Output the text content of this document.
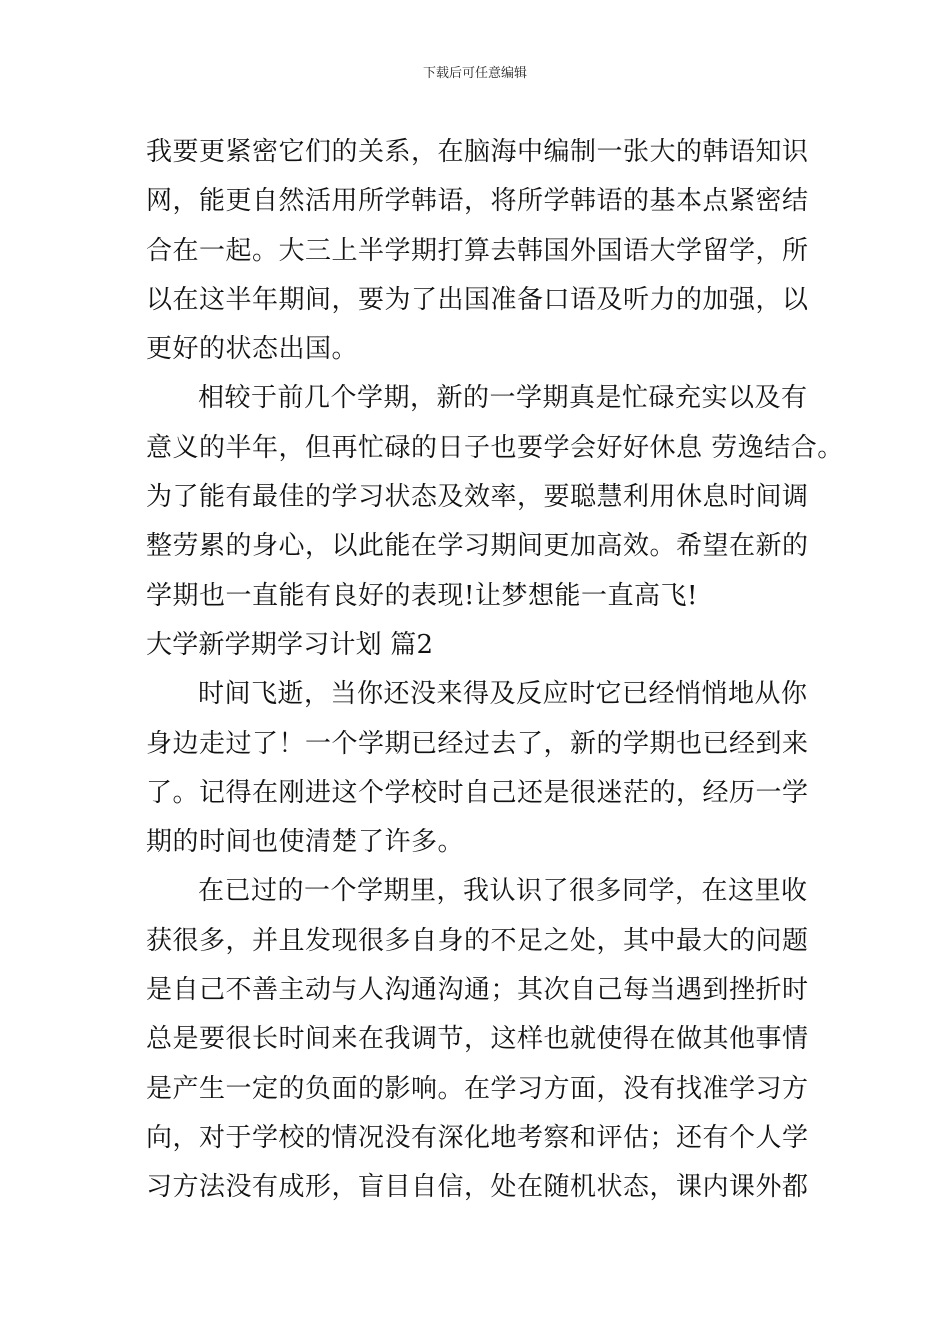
下载后可任意编辑
我要更紧密它们的关系，在脑海中编制一张大的韩语知识
网，能更自然活用所学韩语，将所学韩语的基本点紧密结
合在一起。大三上半学期打算去韩国外国语大学留学，所
以在这半年期间，要为了出国准备口语及听力的加强，以
更好的状态出国。
相较于前几个学期，新的一学期真是忙碌充实以及有
意义的半年，但再忙碌的日子也要学会好好休息 劳逸结合。
为了能有最佳的学习状态及效率，要聪慧利用休息时间调
整劳累的身心，以此能在学习期间更加高效。希望在新的
学期也一直能有良好的表现!让梦想能一直高飞!
大学新学期学习计划 篇2
时间飞逝，当你还没来得及反应时它已经悄悄地从你
身边走过了！一个学期已经过去了，新的学期也已经到来
了。记得在刚进这个学校时自己还是很迷茫的，经历一学
期的时间也使清楚了许多。
在已过的一个学期里，我认识了很多同学，在这里收
获很多，并且发现很多自身的不足之处，其中最大的问题
是自己不善主动与人沟通沟通；其次自己每当遇到挫折时
总是要很长时间来在我调节，这样也就使得在做其他事情
是产生一定的负面的影响。在学习方面，没有找准学习方
向，对于学校的情况没有深化地考察和评估；还有个人学
习方法没有成形，盲目自信，处在随机状态，课内课外都
